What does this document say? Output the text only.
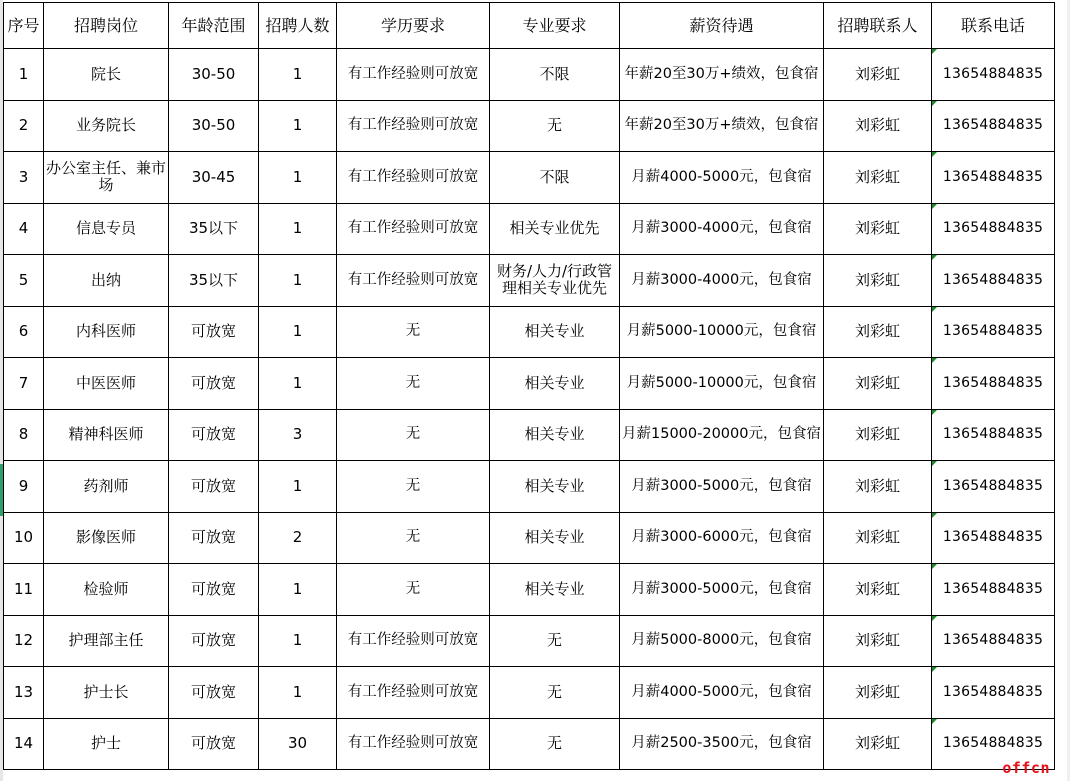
序号	招聘岗位	年龄范围	招聘人数	学历要求	专业要求	薪资待遇	招聘联系人	联系电话
1	院长	30-50	1	有工作经验则可放宽	不限	年薪20至30万+绩效，包食宿	刘彩虹	13654884835
2	业务院长	30-50	1	有工作经验则可放宽	无	年薪20至30万+绩效，包食宿	刘彩虹	13654884835
3	办公室主任、兼市场	30-45	1	有工作经验则可放宽	不限	月薪4000-5000元，包食宿	刘彩虹	13654884835
4	信息专员	35以下	1	有工作经验则可放宽	相关专业优先	月薪3000-4000元，包食宿	刘彩虹	13654884835
5	出纳	35以下	1	有工作经验则可放宽	财务/人力/行政管理相关专业优先	月薪3000-4000元，包食宿	刘彩虹	13654884835
6	内科医师	可放宽	1	无	相关专业	月薪5000-10000元，包食宿	刘彩虹	13654884835
7	中医医师	可放宽	1	无	相关专业	月薪5000-10000元，包食宿	刘彩虹	13654884835
8	精神科医师	可放宽	3	无	相关专业	月薪15000-20000元，包食宿	刘彩虹	13654884835
9	药剂师	可放宽	1	无	相关专业	月薪3000-5000元，包食宿	刘彩虹	13654884835
10	影像医师	可放宽	2	无	相关专业	月薪3000-6000元，包食宿	刘彩虹	13654884835
11	检验师	可放宽	1	无	相关专业	月薪3000-5000元，包食宿	刘彩虹	13654884835
12	护理部主任	可放宽	1	有工作经验则可放宽	无	月薪5000-8000元，包食宿	刘彩虹	13654884835
13	护士长	可放宽	1	有工作经验则可放宽	无	月薪4000-5000元，包食宿	刘彩虹	13654884835
14	护士	可放宽	30	有工作经验则可放宽	无	月薪2500-3500元，包食宿	刘彩虹	13654884835
offcn
